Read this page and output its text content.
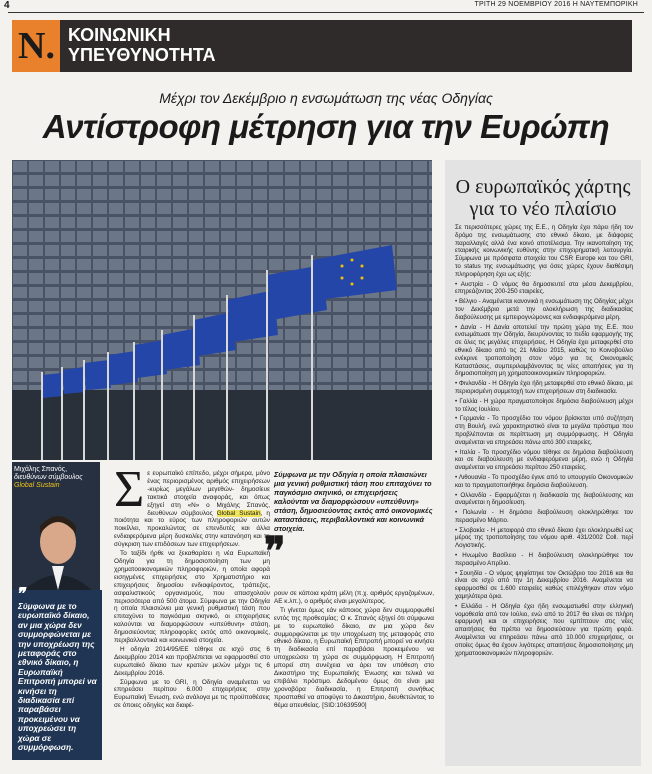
4	ΤΡΙΤΗ 29 ΝΟΕΜΒΡΙΟΥ 2016 Η ΝΑΥΤΕΜΠΟΡΙΚΗ
N. ΚΟΙΝΩΝΙΚΗ
ΥΠΕΥΘΥΝΟΤΗΤΑ
Μέχρι τον Δεκέμβριο η ενσωμάτωση της νέας Οδηγίας
Αντίστροφη μέτρηση για την Ευρώπη
Ο ευρωπαϊκός χάρτης
για το νέο πλαίσιο

Σε περισσότερες χώρες της Ε.Ε., η Οδηγία έχει πάρει ήδη τον δρόμο της ενσωμάτωσης στο εθνικό δίκαιο, με διάφορες παραλλαγές αλλά ένα κοινό αποτέλεσμα. Την ικανοποίηση της εταιρικής κοινωνικής ευθύνης στην επιχειρηματική λειτουργία. Σύμφωνα με πρόσφατα στοιχεία του CSR Europe και του GRI, το status της ενσωμάτωσης για όσες χώρες έχουν διαθέσιμη πληροφόρηση έχει ως εξής:

• Αυστρία - Ο νόμος θα δημοσιευτεί στα μέσα Δεκεμβρίου, επηρεάζοντας 200-250 εταιρείες.

• Βέλγιο - Αναμένεται κανονικά η ενσωμάτωση της Οδηγίας μέχρι τον Δεκέμβριο μετά την ολοκλήρωση της διαδικασίας διαβούλευσης με εμπειρογνώμονες και ενδιαφερόμενα μέρη.

• Δανία - Η Δανία αποτελεί την πρώτη χώρα της Ε.Ε. που ενσωμάτωσε την Οδηγία, διευρύνοντας το πεδίο εφαρμογής της σε όλες τις μεγάλες επιχειρήσεις. Η Οδηγία έχει μεταφερθεί στο εθνικό δίκαιο από τις 21 Μαΐου 2015, καθώς το Κοινοβούλιο ενέκρινε τροποποίηση στον νόμο για τις Οικονομικές Καταστάσεις, συμπεριλαμβάνοντας τις νέες απαιτήσεις για τη δημοσιοποίηση μη χρηματοοικονομικών πληροφοριών.

• Φινλανδία - Η Οδηγία έχει ήδη μεταφερθεί στο εθνικό δίκαιο, με περιορισμένη συμμετοχή των επιχειρήσεων στη διαδικασία.

• Γαλλία - Η χώρα πραγματοποίησε δημόσια διαβούλευση μέχρι το τέλος Ιουλίου.

• Γερμανία - Το προσχέδιο του νόμου βρίσκεται υπό συζήτηση στη Βουλή, ενώ χαρακτηριστικό είναι τα μεγάλα πρόστιμα που προβλέπονται σε περίπτωση μη συμμόρφωσης. Η Οδηγία αναμένεται να επηρεάσει πάνω από 300 εταιρείες.

• Ιταλία - Το προσχέδιο νόμου τέθηκε σε δημόσια διαβούλευση και σε διαβούλευση με ενδιαφερόμενα μέρη, ενώ η Οδηγία αναμένεται να επηρεάσει περίπου 250 εταιρείες.

• Λιθουανία - Το προσχέδιο έγινε από το υπουργείο Οικονομικών και το πραγματοποιήθηκε δημόσια διαβούλευση.

• Ολλανδία - Εφαρμόζεται η διαδικασία της διαβούλευσης και αναμένεται η δημοσίευση.

• Πολωνία - Η δημόσια διαβούλευση ολοκληρώθηκε τον περασμένο Μάρτιο.

• Σλοβακία - Η μεταφορά στο εθνικό δίκαιο έχει ολοκληρωθεί ως μέρος της τροποποίησης του νόμου αριθ. 431/2002 Coll. περί Λογιστικής.

• Ηνωμένο Βασίλειο - Η διαβούλευση ολοκληρώθηκε τον περασμένο Απρίλιο.

• Σουηδία - Ο νόμος ψηφίστηκε τον Οκτώβριο του 2016 και θα είναι σε ισχύ από την 1η Δεκεμβρίου 2016. Αναμένεται να εφαρμοσθεί σε 1.600 εταιρείες καθώς επιλέχθηκαν στον νόμο χαμηλότερα όρια.

• Ελλάδα - Η Οδηγία έχει ήδη ενσωματωθεί στην ελληνική νομοθεσία από τον Ιούλιο, ενώ από το 2017 θα είναι σε πλήρη εφαρμογή και οι επιχειρήσεις που εμπίπτουν στις νέες απαιτήσεις θα πρέπει να δημοσιεύσουν για πρώτη φορά. Αναμένεται να επηρεάσει πάνω από 10.000 επιχειρήσεις, οι οποίες όμως θα έχουν λιγότερες απαιτήσεις δημοσιοποίησης μη χρηματοοικονομικών πληροφοριών.

Μιχάλης Σπανός,
διευθύνων σύμβουλος
Global Sustain
❞
Σύμφωνα με το ευρωπαϊκό δίκαιο, αν μια χώρα δεν συμμορφώνεται με την υποχρέωση της μεταφοράς στο εθνικό δίκαιο, η Ευρωπαϊκή Επιτροπή μπορεί να κινήσει τη διαδικασία επί παραβάσει προκειμένου να υποχρεώσει τη χώρα σε συμμόρφωση.
Σ ε ευρωπαϊκό επίπεδο, μέχρι σήμερα, μόνο ένας περιορισμένος αριθμός επιχειρήσεων -κυρίως μεγάλων μεγεθών- δημοσίευε τακτικά στοιχεία αναφοράς, και όπως εξηγεί στη «Ν» ο Μιχάλης Σπανός, διευθύνων σύμβουλος Global Sustain, η ποιότητα και το εύρος των πληροφοριών αυτών ποικίλλει, προκαλώντας σε επενδυτές και άλλα ενδιαφερόμενα μέρη δυσκολίες στην κατανόηση και τη σύγκριση των επιδόσεων των επιχειρήσεων.

Το ταξίδι ήρθε να ξεκαθαρίσει η νέα Ευρωπαϊκή Οδηγία για τη δημοσιοποίηση των μη χρηματοοικονομικών πληροφοριών, η οποία αφορά εισηγμένες επιχειρήσεις στο Χρηματιστήριο και επιχειρήσεις δημοσίου ενδιαφέροντος, τράπεζες, ασφαλιστικούς οργανισμούς, που απασχολούν περισσότερα από 500 άτομα. Σύμφωνα με την Οδηγία η οποία πλαισιώνει μια γενική ρυθμιστική τάση που επιταχύνει το παγκόσμιο σκηνικό, οι επιχειρήσεις καλούνται να διαμορφώσουν «υπεύθυνη» στάση, δημοσιεύοντας πληροφορίες εκτός από οικονομικές, περιβαλλοντικά και κοινωνικά στοιχεία.

Η οδηγία 2014/95/ΕΕ τέθηκε σε ισχύ στις 6 Δεκεμβρίου 2014 και προβλέπεται να εφαρμοσθεί στο ευρωπαϊκό δίκαιο των κρατών μελών μέχρι τις 6 Δεκεμβρίου 2016.

Σύμφωνα με το GRI, η Οδηγία αναμένεται να επηρεάσει περίπου 6.000 επιχειρήσεις στην Ευρωπαϊκή Ένωση, ενώ ανάλογα με τις προϋποθέσεις σε όποιες οδηγίες και διαφέ-

Σύμφωνα με την Οδηγία η οποία πλαισιώνει μια γενική ρυθμιστική τάση που επιταχύνει το παγκόσμιο σκηνικό, οι επιχειρήσεις καλούνται να διαμορφώσουν «υπεύθυνη» στάση, δημοσιεύοντας εκτός από οικονομικές καταστάσεις, περιβαλλοντικά και κοινωνικά στοιχεία.
❞

ρουν σε κάποια κράτη μέλη (π.χ. αριθμός εργαζομένων, ΑΕ κ.λπ.), ο αριθμός είναι μεγαλύτερος.

Τι γίνεται όμως εάν κάποιος χώρα δεν συμμορφωθεί εντός της προθεσμίας; Ο κ. Σπανός εξηγεί ότι σύμφωνα με το ευρωπαϊκό δίκαιο, αν μια χώρα δεν συμμορφώνεται με την υποχρέωση της μεταφοράς στο εθνικό δίκαιο, η Ευρωπαϊκή Επιτροπή μπορεί να κινήσει τη διαδικασία επί παραβάσει προκειμένου να υποχρεώσει τη χώρα σε συμμόρφωση. Η Επιτροπή μπορεί στη συνέχεια να άρει τον υπόθεση στο Δικαστήριο της Ευρωπαϊκής Ένωσης και τελικά να επιβάλει πρόστιμο. Δεδομένου όμως ότι είναι μια χρονοβόρα διαδικασία, η Επιτροπή συνήθως προσπαθεί να αποφύγει το Δικαστήριο, διευθετώντας το θέμα απευθείας. [SID:10639590]
